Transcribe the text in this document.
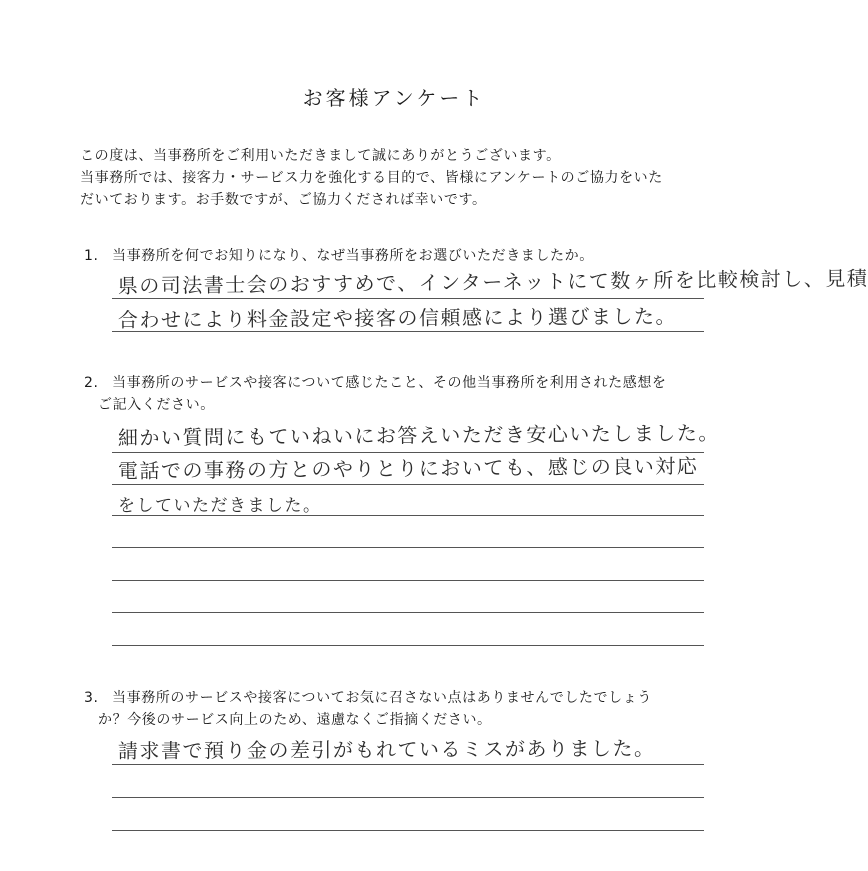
お客様アンケート

この度は、当事務所をご利用いただきまして誠にありがとうございます。

当事務所では、接客力・サービス力を強化する目的で、皆様にアンケートのご協力をいた

だいております。お手数ですが、ご協力くだされば幸いです。

1. 当事務所を何でお知りになり、なぜ当事務所をお選びいただきましたか。

県の司法書士会のおすすめで、インターネットにて数ヶ所を比較検討し、見積
合わせにより料金設定や接客の信頼感により選びました。
2. 当事務所のサービスや接客について感じたこと、その他当事務所を利用された感想を

ご記入ください。

細かい質問にもていねいにお答えいただき安心いたしました。
電話での事務の方とのやりとりにおいても、感じの良い対応
をしていただきました。
3. 当事務所のサービスや接客についてお気に召さない点はありませんでしたでしょう

か？今後のサービス向上のため、遠慮なくご指摘ください。

請求書で預り金の差引がもれているミスがありました。
